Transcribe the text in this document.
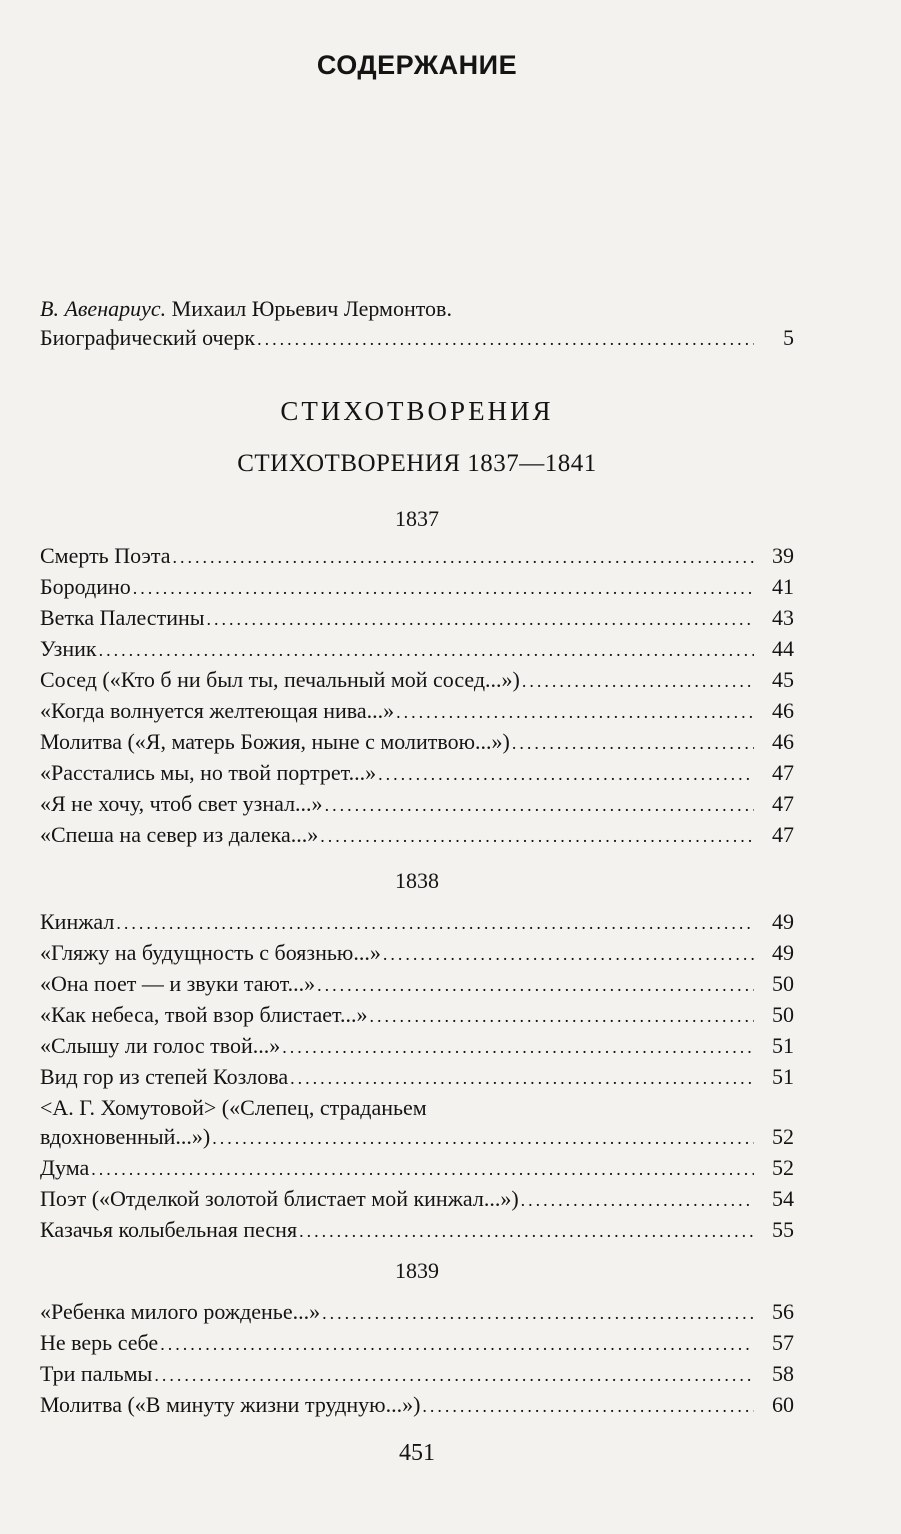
СОДЕРЖАНИЕ
В. Авенариус. Михаил Юрьевич Лермонтов.
Биографический очерк .....	5
СТИХОТВОРЕНИЯ
СТИХОТВОРЕНИЯ 1837—1841
1837
Смерть Поэта .....	39
Бородино .....	41
Ветка Палестины .....	43
Узник .....	44
Сосед («Кто б ни был ты, печальный мой сосед...») .....	45
«Когда волнуется желтеющая нива...» .....	46
Молитва («Я, матерь Божия, ныне с молитвою...») .....	46
«Расстались мы, но твой портрет...» .....	47
«Я не хочу, чтоб свет узнал...» .....	47
«Спеша на север из далека...» .....	47
1838
Кинжал .....	49
«Гляжу на будущность с боязнью...» .....	49
«Она поет — и звуки тают...» .....	50
«Как небеса, твой взор блистает...» .....	50
«Слышу ли голос твой...» .....	51
Вид гор из степей Козлова .....	51
<А. Г. Хомутовой> («Слепец, страданьем
вдохновенный...») .....	52
Дума .....	52
Поэт («Отделкой золотой блистает мой кинжал...») .....	54
Казачья колыбельная песня .....	55
1839
«Ребенка милого рожденье...» .....	56
Не верь себе .....	57
Три пальмы .....	58
Молитва («В минуту жизни трудную...») .....	60
451
